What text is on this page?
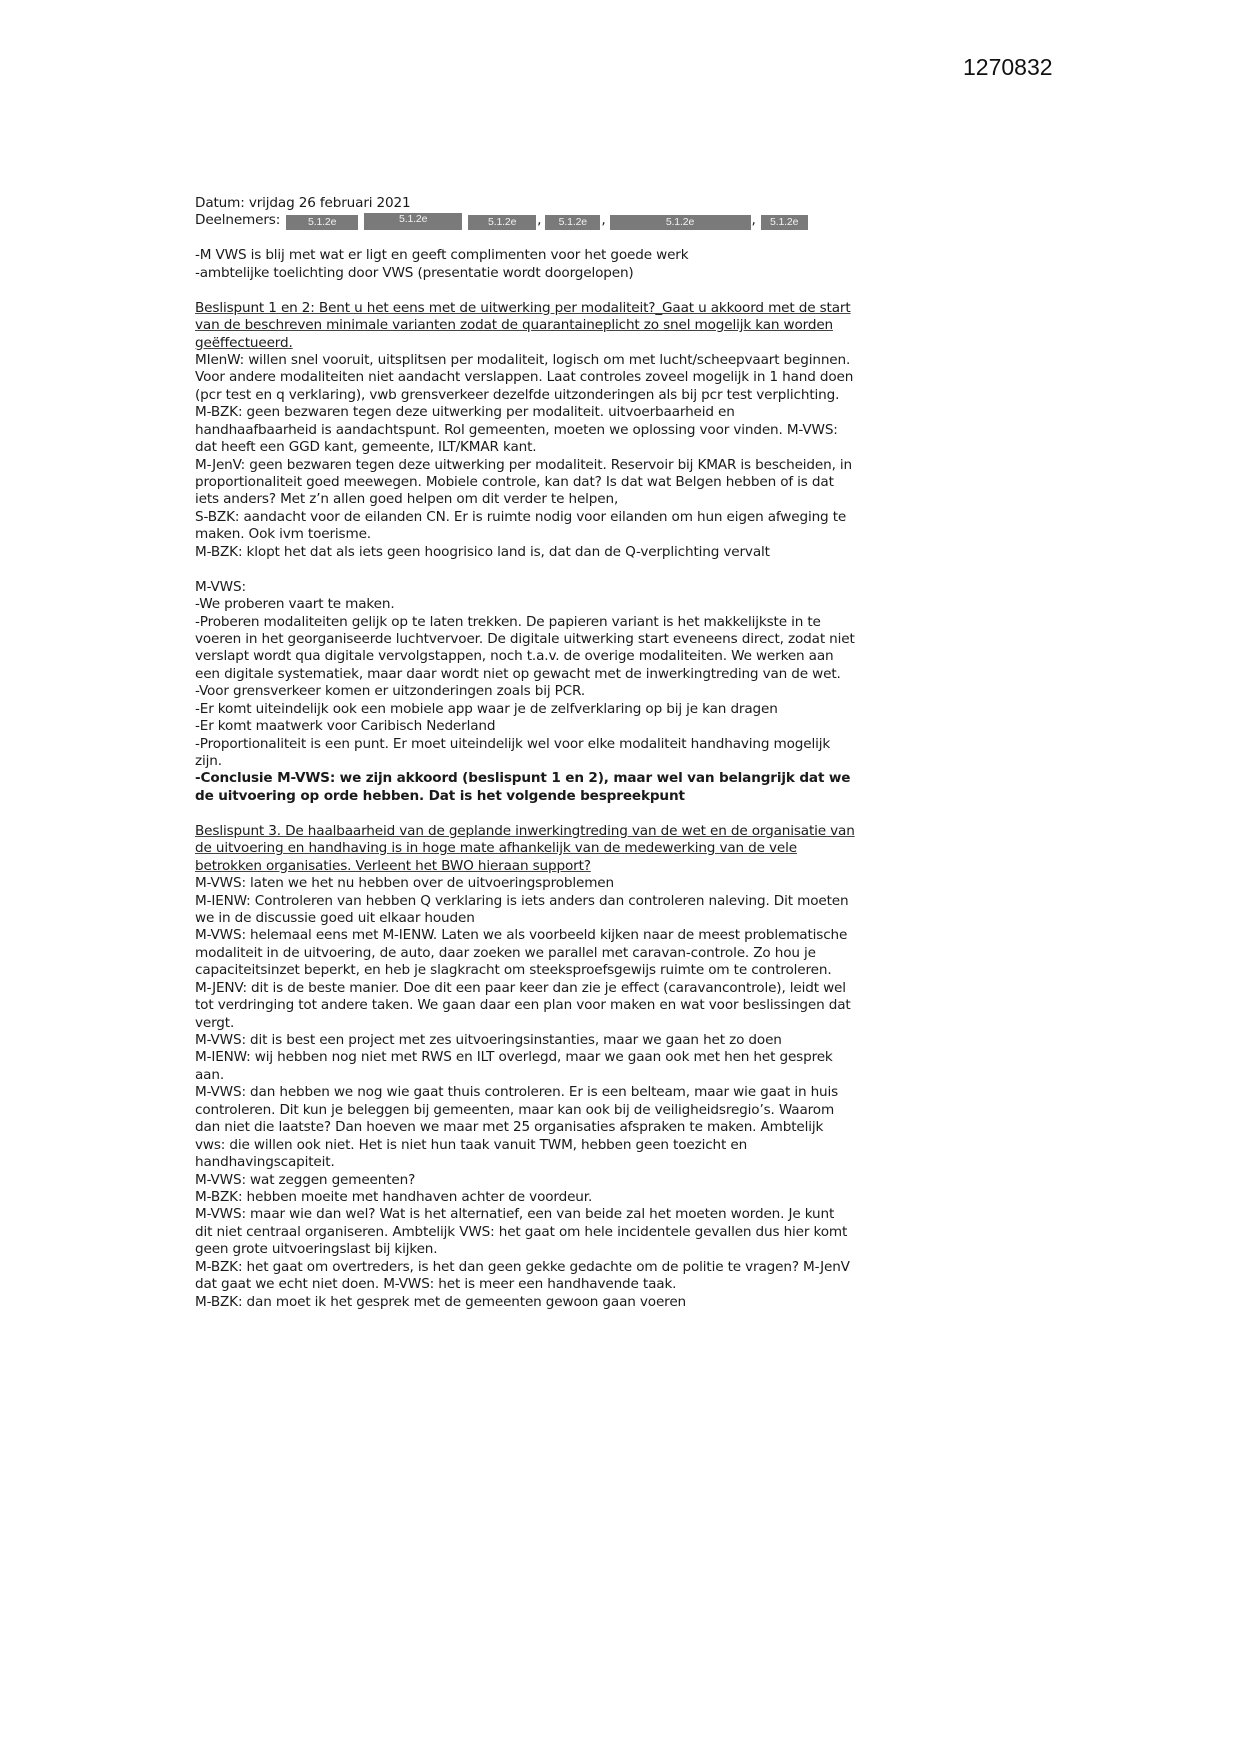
1270832
Datum: vrijdag 26 februari 2021
Deelnemers:	5.1.2e	5.1.2e	5.1.2e	,	5.1.2e	,	5.1.2e	,	5.1.2e
-M VWS is blij met wat er ligt en geeft complimenten voor het goede werk
-ambtelijke toelichting door VWS (presentatie wordt doorgelopen)
Beslispunt 1 en 2: Bent u het eens met de uitwerking per modaliteit?_Gaat u akkoord met de start
van de beschreven minimale varianten zodat de quarantaineplicht zo snel mogelijk kan worden
geëffectueerd.
MIenW: willen snel vooruit, uitsplitsen per modaliteit, logisch om met lucht/scheepvaart beginnen.
Voor andere modaliteiten niet aandacht verslappen. Laat controles zoveel mogelijk in 1 hand doen
(pcr test en q verklaring), vwb grensverkeer dezelfde uitzonderingen als bij pcr test verplichting.
M-BZK: geen bezwaren tegen deze uitwerking per modaliteit. uitvoerbaarheid en
handhaafbaarheid is aandachtspunt. Rol gemeenten, moeten we oplossing voor vinden. M-VWS:
dat heeft een GGD kant, gemeente, ILT/KMAR kant.
M-JenV: geen bezwaren tegen deze uitwerking per modaliteit. Reservoir bij KMAR is bescheiden, in
proportionaliteit goed meewegen. Mobiele controle, kan dat? Is dat wat Belgen hebben of is dat
iets anders? Met z’n allen goed helpen om dit verder te helpen,
S-BZK: aandacht voor de eilanden CN. Er is ruimte nodig voor eilanden om hun eigen afweging te
maken. Ook ivm toerisme.
M-BZK: klopt het dat als iets geen hoogrisico land is, dat dan de Q-verplichting vervalt
M-VWS:
-We proberen vaart te maken.
-Proberen modaliteiten gelijk op te laten trekken. De papieren variant is het makkelijkste in te
voeren in het georganiseerde luchtvervoer. De digitale uitwerking start eveneens direct, zodat niet
verslapt wordt qua digitale vervolgstappen, noch t.a.v. de overige modaliteiten. We werken aan
een digitale systematiek, maar daar wordt niet op gewacht met de inwerkingtreding van de wet.
-Voor grensverkeer komen er uitzonderingen zoals bij PCR.
-Er komt uiteindelijk ook een mobiele app waar je de zelfverklaring op bij je kan dragen
-Er komt maatwerk voor Caribisch Nederland
-Proportionaliteit is een punt. Er moet uiteindelijk wel voor elke modaliteit handhaving mogelijk
zijn.
-Conclusie M-VWS: we zijn akkoord (beslispunt 1 en 2), maar wel van belangrijk dat we
de uitvoering op orde hebben. Dat is het volgende bespreekpunt
Beslispunt 3. De haalbaarheid van de geplande inwerkingtreding van de wet en de organisatie van
de uitvoering en handhaving is in hoge mate afhankelijk van de medewerking van de vele
betrokken organisaties. Verleent het BWO hieraan support?
M-VWS: laten we het nu hebben over de uitvoeringsproblemen
M-IENW: Controleren van hebben Q verklaring is iets anders dan controleren naleving. Dit moeten
we in de discussie goed uit elkaar houden
M-VWS: helemaal eens met M-IENW. Laten we als voorbeeld kijken naar de meest problematische
modaliteit in de uitvoering, de auto, daar zoeken we parallel met caravan-controle. Zo hou je
capaciteitsinzet beperkt, en heb je slagkracht om steeksproefsgewijs ruimte om te controleren.
M-JENV: dit is de beste manier. Doe dit een paar keer dan zie je effect (caravancontrole), leidt wel
tot verdringing tot andere taken. We gaan daar een plan voor maken en wat voor beslissingen dat
vergt.
M-VWS: dit is best een project met zes uitvoeringsinstanties, maar we gaan het zo doen
M-IENW: wij hebben nog niet met RWS en ILT overlegd, maar we gaan ook met hen het gesprek
aan.
M-VWS: dan hebben we nog wie gaat thuis controleren. Er is een belteam, maar wie gaat in huis
controleren. Dit kun je beleggen bij gemeenten, maar kan ook bij de veiligheidsregio’s. Waarom
dan niet die laatste? Dan hoeven we maar met 25 organisaties afspraken te maken. Ambtelijk
vws: die willen ook niet. Het is niet hun taak vanuit TWM, hebben geen toezicht en
handhavingscapiteit.
M-VWS: wat zeggen gemeenten?
M-BZK: hebben moeite met handhaven achter de voordeur.
M-VWS: maar wie dan wel? Wat is het alternatief, een van beide zal het moeten worden. Je kunt
dit niet centraal organiseren. Ambtelijk VWS: het gaat om hele incidentele gevallen dus hier komt
geen grote uitvoeringslast bij kijken.
M-BZK: het gaat om overtreders, is het dan geen gekke gedachte om de politie te vragen? M-JenV
dat gaat we echt niet doen. M-VWS: het is meer een handhavende taak.
M-BZK: dan moet ik het gesprek met de gemeenten gewoon gaan voeren
